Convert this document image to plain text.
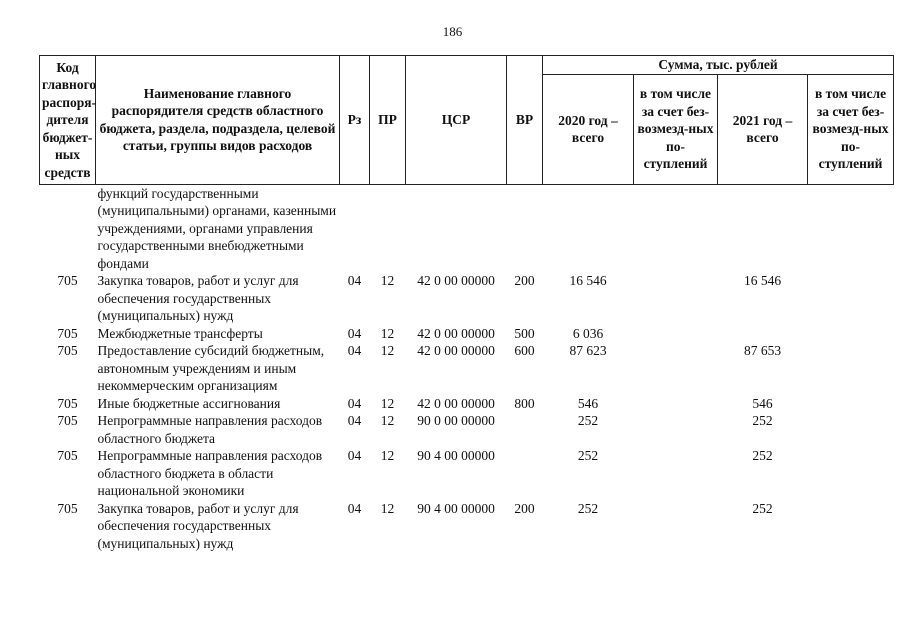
186
Код главного распоря-дителя бюджет-ных средств	Наименование главного распорядителя средств областного бюджета, раздела, подраздела, целевой статьи, группы видов расходов	Рз	ПР	ЦСР	ВР	Сумма, тыс. рублей			
						2020 год – всего	в том числе за счет без-возмезд-ных по-ступлений	2021 год – всего	в том числе за счет без-возмезд-ных по-ступлений
	функций государственными (муниципальными) органами, казенными учреждениями, органами управления государственными внебюджетными фондами								
705	Закупка товаров, работ и услуг для обеспечения государственных (муниципальных) нужд	04	12	42 0 00 00000	200	16 546		16 546	
705	Межбюджетные трансферты	04	12	42 0 00 00000	500	6 036			
705	Предоставление субсидий бюджетным, автономным учреждениям и иным некоммерческим организациям	04	12	42 0 00 00000	600	87 623		87 653	
705	Иные бюджетные ассигнования	04	12	42 0 00 00000	800	546		546	
705	Непрограммные направления расходов областного бюджета	04	12	90 0 00 00000		252		252	
705	Непрограммные направления расходов областного бюджета в области национальной экономики	04	12	90 4 00 00000		252		252	
705	Закупка товаров, работ и услуг для обеспечения государственных (муниципальных) нужд	04	12	90 4 00 00000	200	252		252	
